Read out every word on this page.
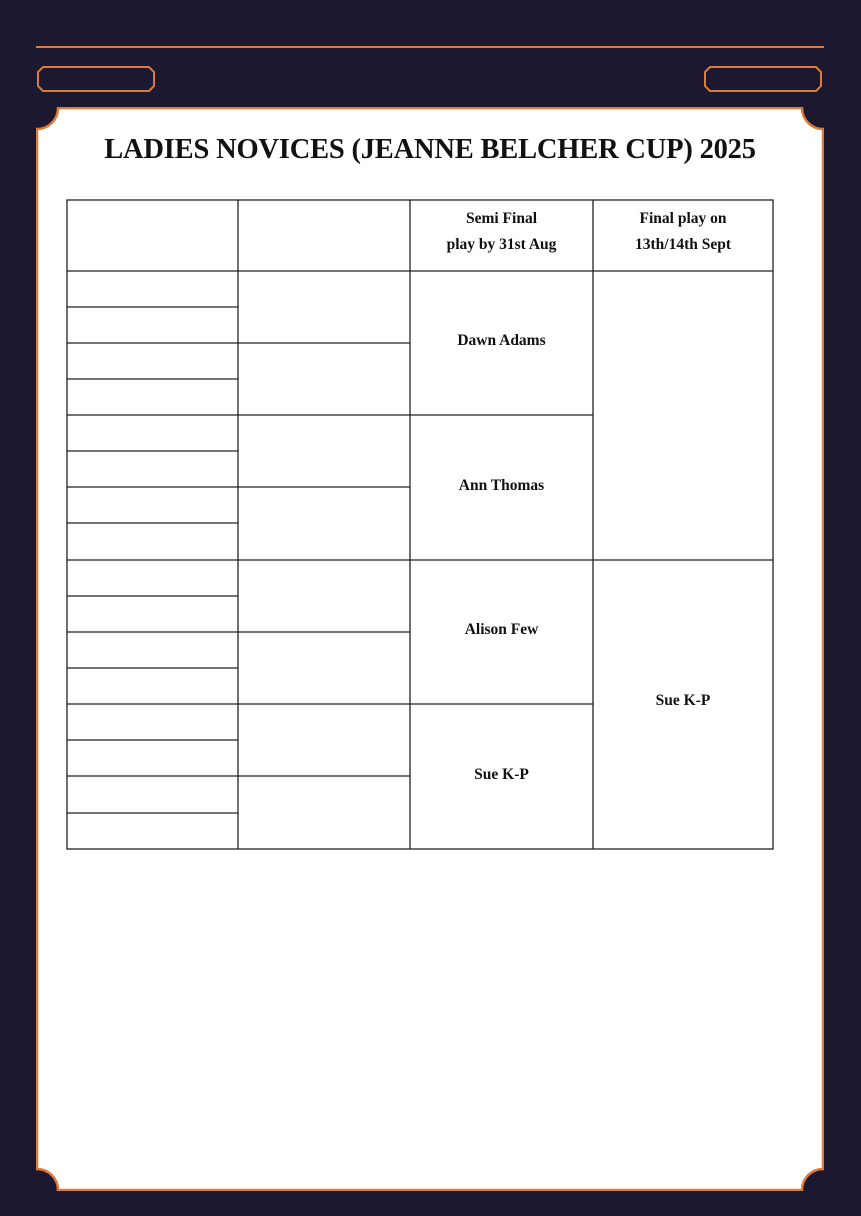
LADIES NOVICES (JEANNE BELCHER CUP) 2025
Semi Final
play by 31st Aug
Final play on
13th/14th Sept
Dawn Adams
Ann Thomas
Alison Few
Sue K-P
Sue K-P
